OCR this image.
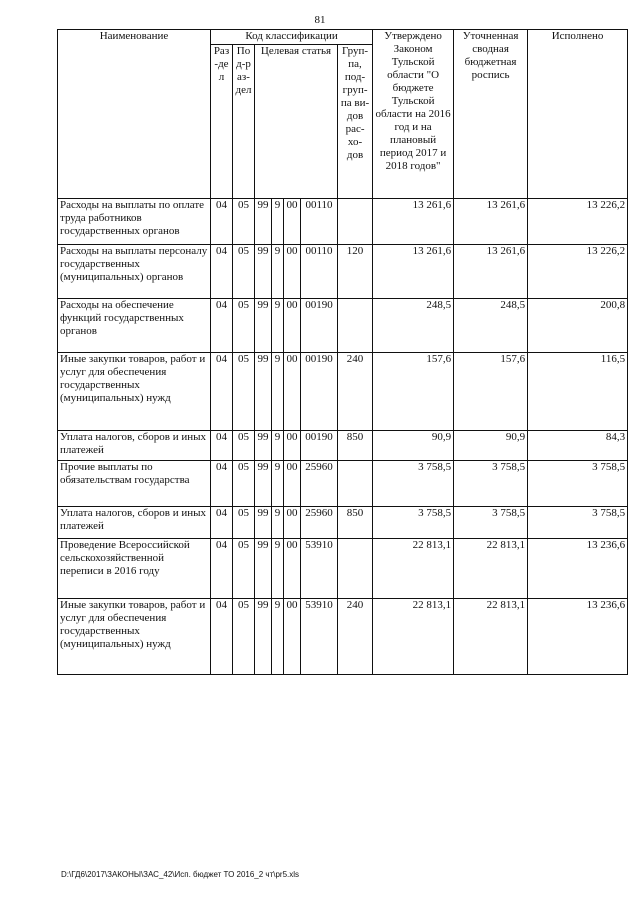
81
Наименование	Код классификации							Утверждено Законом Тульской области "О бюджете Тульской области на 2016 год и на плановый период 2017 и 2018 годов"	Уточненная сводная бюджетная роспись	Исполнено
	Раз-дел	Под-раз-дел	Целевая статья				Груп-па, под-груп-па ви-дов рас-хо-дов			
Расходы на выплаты по оплате труда работников государственных органов	04	05	99	9	00	00110		13 261,6	13 261,6	13 226,2
Расходы на выплаты персоналу государственных (муниципальных) органов	04	05	99	9	00	00110	120	13 261,6	13 261,6	13 226,2
Расходы на обеспечение функций государственных органов	04	05	99	9	00	00190		248,5	248,5	200,8
Иные закупки товаров, работ и услуг для обеспечения государственных (муниципальных) нужд	04	05	99	9	00	00190	240	157,6	157,6	116,5
Уплата налогов, сборов и иных платежей	04	05	99	9	00	00190	850	90,9	90,9	84,3
Прочие выплаты по обязательствам государства	04	05	99	9	00	25960		3 758,5	3 758,5	3 758,5
Уплата налогов, сборов и иных платежей	04	05	99	9	00	25960	850	3 758,5	3 758,5	3 758,5
Проведение Всероссийской сельскохозяйственной переписи в 2016 году	04	05	99	9	00	53910		22 813,1	22 813,1	13 236,6
Иные закупки товаров, работ и услуг для обеспечения государственных (муниципальных) нужд	04	05	99	9	00	53910	240	22 813,1	22 813,1	13 236,6
D:\ГД6\2017\ЗАКОНЫ\ЗАС_42\Исп. бюджет ТО 2016_2 чт\pr5.xls
